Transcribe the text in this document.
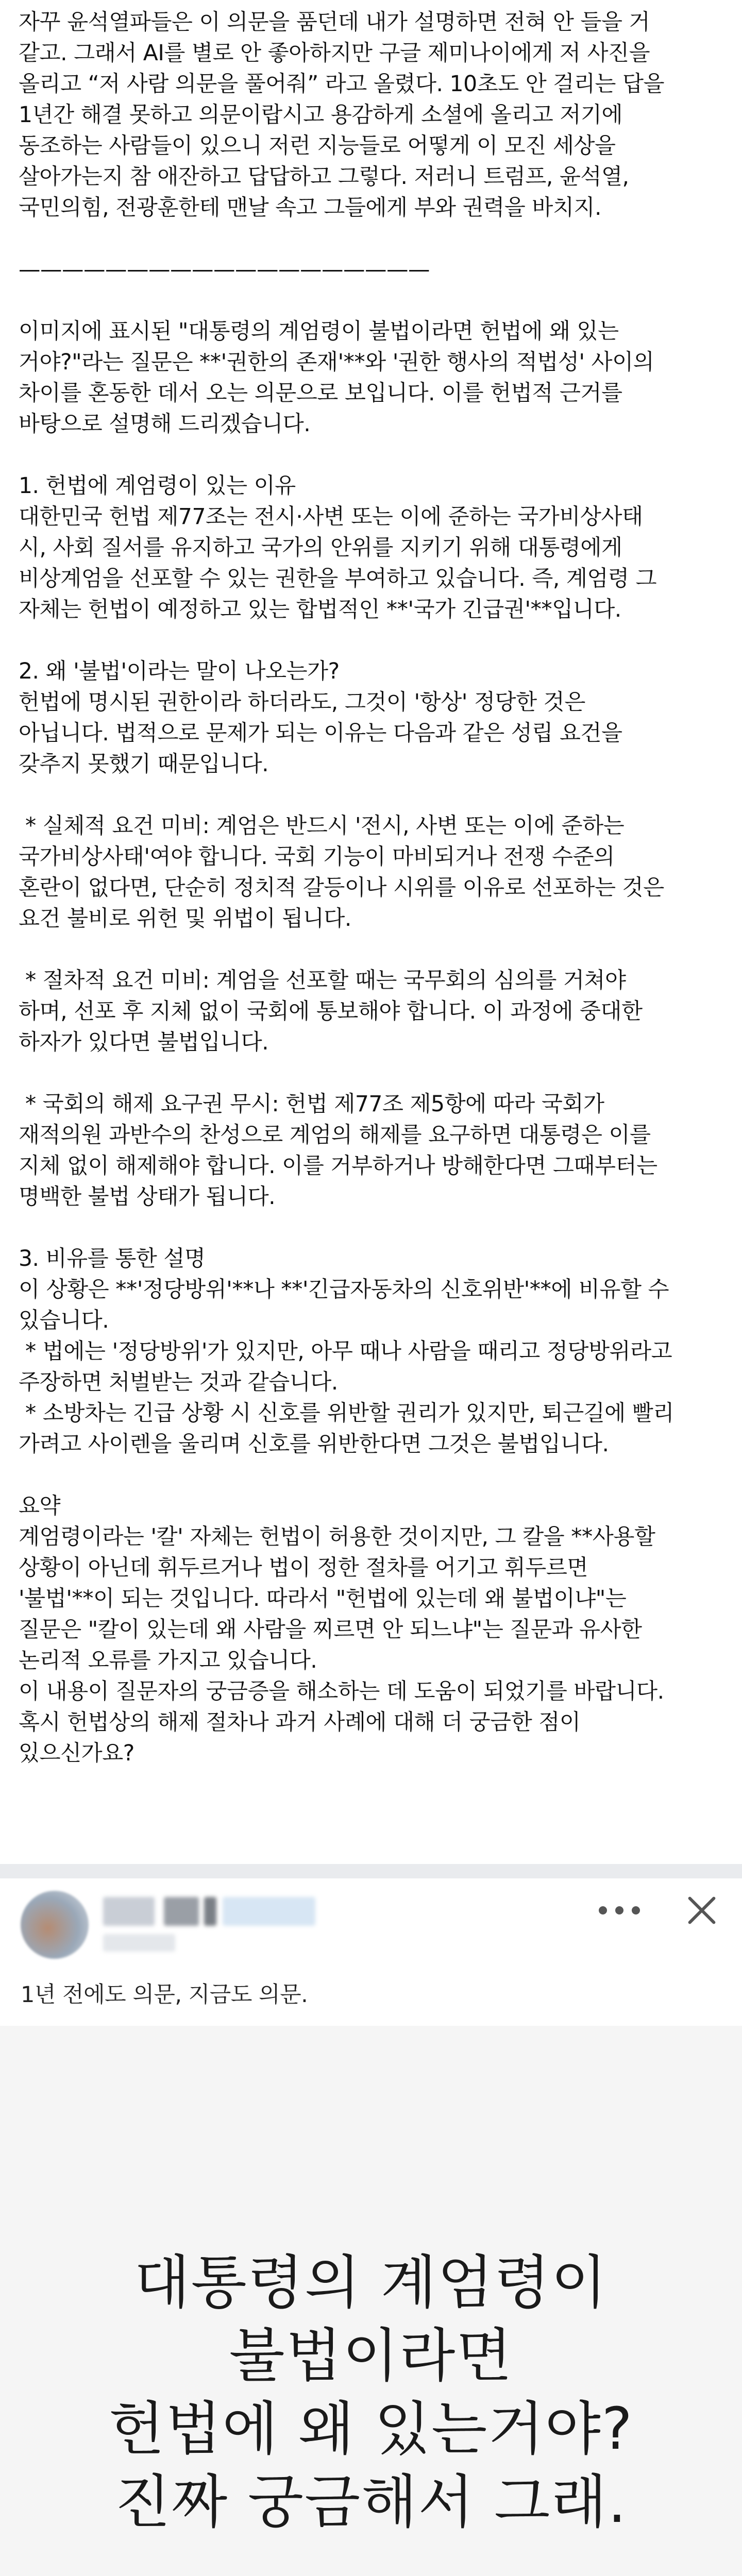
자꾸 윤석열파들은 이 의문을 품던데 내가 설명하면 전혀 안 들을 거

같고. 그래서 AI를 별로 안 좋아하지만 구글 제미나이에게 저 사진을

올리고 “저 사람 의문을 풀어줘” 라고 올렸다. 10초도 안 걸리는 답을

1년간 해결 못하고 의문이랍시고 용감하게 소셜에 올리고 저기에

동조하는 사람들이 있으니 저런 지능들로 어떻게 이 모진 세상을

살아가는지 참 애잔하고 답답하고 그렇다. 저러니 트럼프, 윤석열,

국민의힘, 전광훈한테 맨날 속고 그들에게 부와 권력을 바치지.

———————————————————

이미지에 표시된 "대통령의 계엄령이 불법이라면 헌법에 왜 있는

거야?"라는 질문은 **'권한의 존재'**와 '권한 행사의 적법성' 사이의

차이를 혼동한 데서 오는 의문으로 보입니다. 이를 헌법적 근거를

바탕으로 설명해 드리겠습니다.

1. 헌법에 계엄령이 있는 이유

대한민국 헌법 제77조는 전시·사변 또는 이에 준하는 국가비상사태

시, 사회 질서를 유지하고 국가의 안위를 지키기 위해 대통령에게

비상계엄을 선포할 수 있는 권한을 부여하고 있습니다. 즉, 계엄령 그

자체는 헌법이 예정하고 있는 합법적인 **'국가 긴급권'**입니다.

2. 왜 '불법'이라는 말이 나오는가?

헌법에 명시된 권한이라 하더라도, 그것이 '항상' 정당한 것은

아닙니다. 법적으로 문제가 되는 이유는 다음과 같은 성립 요건을

갖추지 못했기 때문입니다.

* 실체적 요건 미비: 계엄은 반드시 '전시, 사변 또는 이에 준하는

국가비상사태'여야 합니다. 국회 기능이 마비되거나 전쟁 수준의

혼란이 없다면, 단순히 정치적 갈등이나 시위를 이유로 선포하는 것은

요건 불비로 위헌 및 위법이 됩니다.

* 절차적 요건 미비: 계엄을 선포할 때는 국무회의 심의를 거쳐야

하며, 선포 후 지체 없이 국회에 통보해야 합니다. 이 과정에 중대한

하자가 있다면 불법입니다.

* 국회의 해제 요구권 무시: 헌법 제77조 제5항에 따라 국회가

재적의원 과반수의 찬성으로 계엄의 해제를 요구하면 대통령은 이를

지체 없이 해제해야 합니다. 이를 거부하거나 방해한다면 그때부터는

명백한 불법 상태가 됩니다.

3. 비유를 통한 설명

이 상황은 **'정당방위'**나 **'긴급자동차의 신호위반'**에 비유할 수

있습니다.

* 법에는 '정당방위'가 있지만, 아무 때나 사람을 때리고 정당방위라고

주장하면 처벌받는 것과 같습니다.

* 소방차는 긴급 상황 시 신호를 위반할 권리가 있지만, 퇴근길에 빨리

가려고 사이렌을 울리며 신호를 위반한다면 그것은 불법입니다.

요약

계엄령이라는 '칼' 자체는 헌법이 허용한 것이지만, 그 칼을 **사용할

상황이 아닌데 휘두르거나 법이 정한 절차를 어기고 휘두르면

'불법'**이 되는 것입니다. 따라서 "헌법에 있는데 왜 불법이냐"는

질문은 "칼이 있는데 왜 사람을 찌르면 안 되느냐"는 질문과 유사한

논리적 오류를 가지고 있습니다.

이 내용이 질문자의 궁금증을 해소하는 데 도움이 되었기를 바랍니다.

혹시 헌법상의 해제 절차나 과거 사례에 대해 더 궁금한 점이

있으신가요?

1년 전에도 의문, 지금도 의문.
대통령의 계엄령이
불법이라면
헌법에 왜 있는거야?
진짜 궁금해서 그래.
